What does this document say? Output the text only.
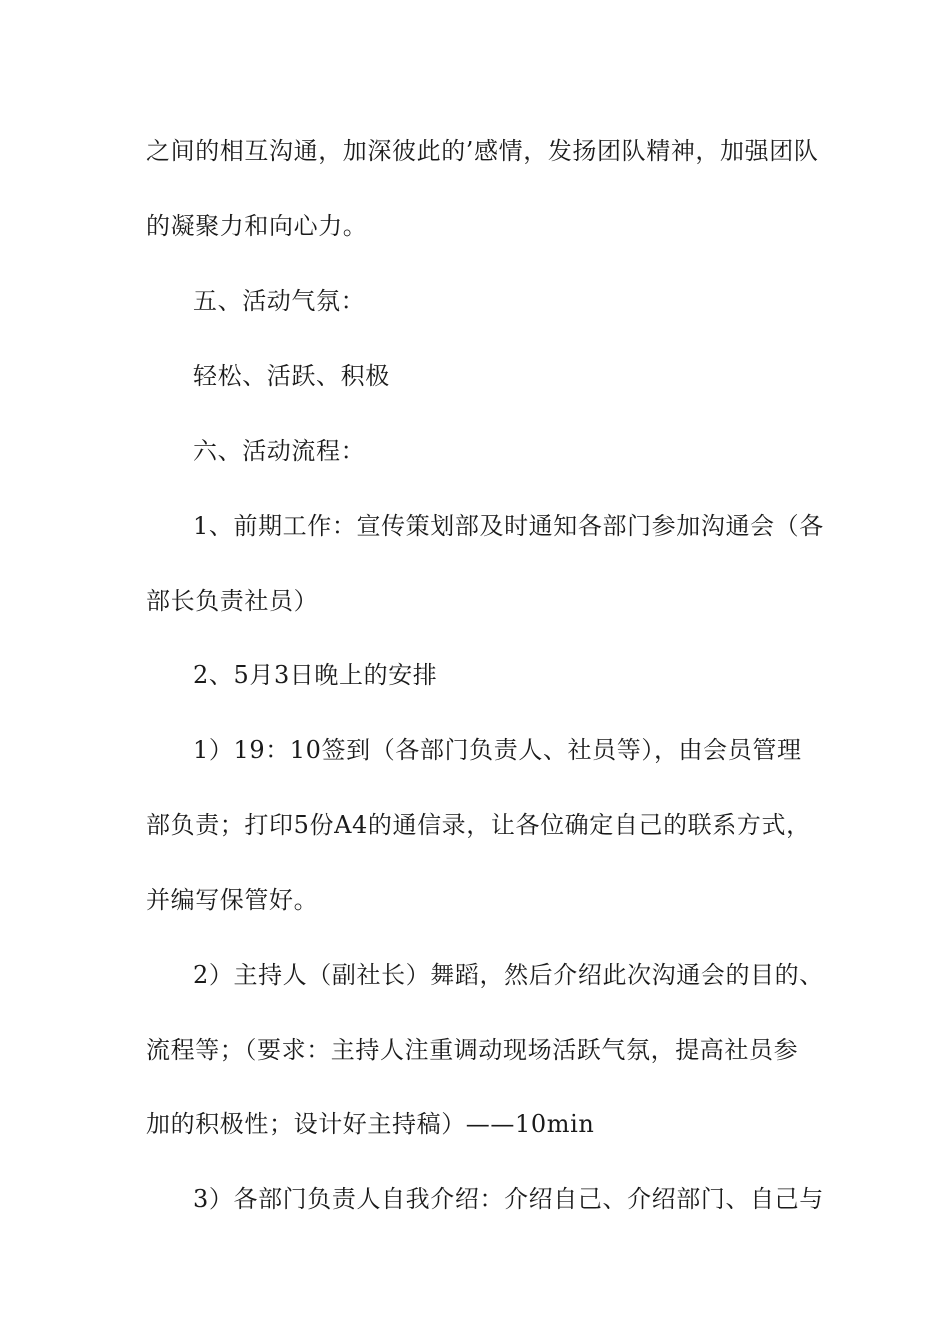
之间的相互沟通，加深彼此的’感情，发扬团队精神，加强团队
的凝聚力和向心力。
五、活动气氛：
轻松、活跃、积极
六、活动流程：
1、前期工作：宣传策划部及时通知各部门参加沟通会（各
部长负责社员）
2、5月3日晚上的安排
1）19：10签到（各部门负责人、社员等），由会员管理
部负责；打印5份A4的通信录，让各位确定自己的联系方式，
并编写保管好。
2）主持人（副社长）舞蹈，然后介绍此次沟通会的目的、
流程等；（要求：主持人注重调动现场活跃气氛，提高社员参
加的积极性；设计好主持稿）——10min
3）各部门负责人自我介绍：介绍自己、介绍部门、自己与
